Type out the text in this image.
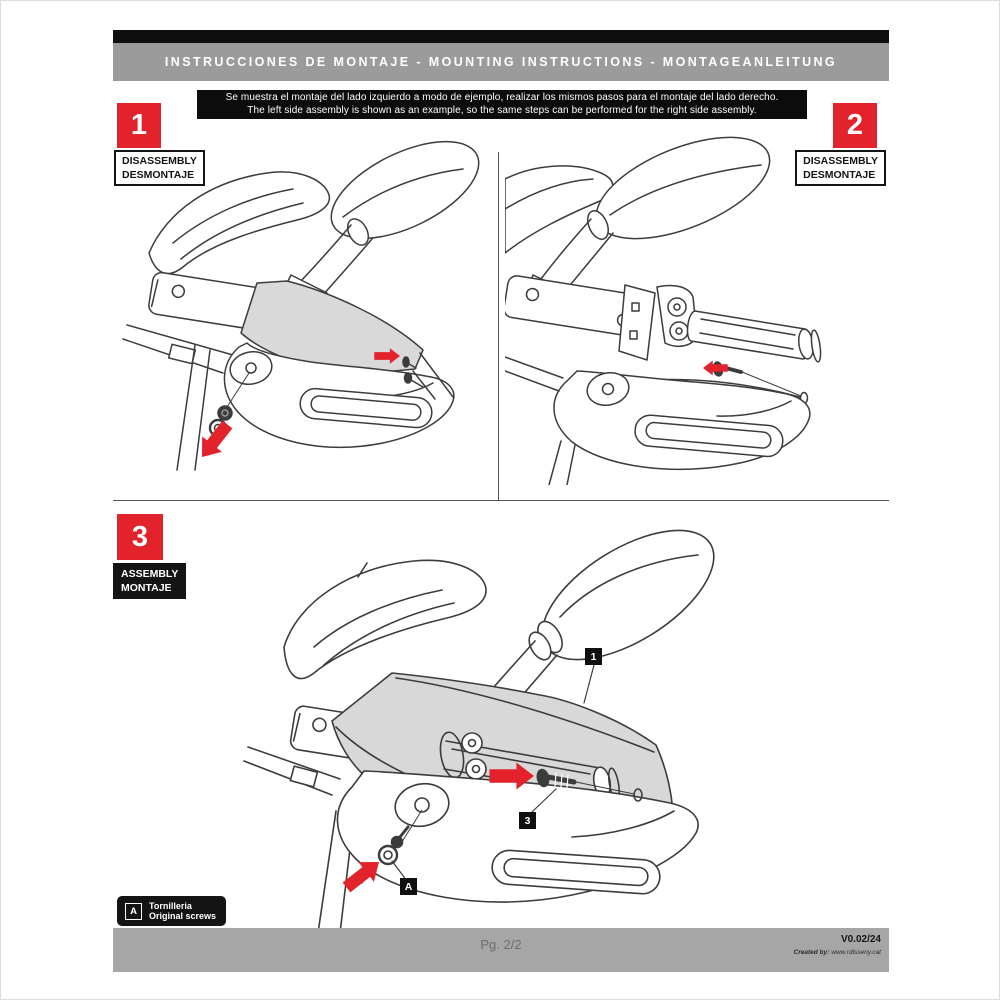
INSTRUCCIONES DE MONTAJE - MOUNTING INSTRUCTIONS - MONTAGEANLEITUNG
Se muestra el montaje del lado izquierdo a modo de ejemplo, realizar los mismos pasos para el montaje del lado derecho.
The left side assembly is shown as an example, so the same steps can be performed for the right side assembly.
1
DISASSEMBLY
DESMONTAJE
2
DISASSEMBLY
DESMONTAJE
3
ASSEMBLY
MONTAJE
1
3
A
A	Tornilleria
Original screws
Pg. 2/2	V0.02/24
Created by: www.rdisseny.cat
